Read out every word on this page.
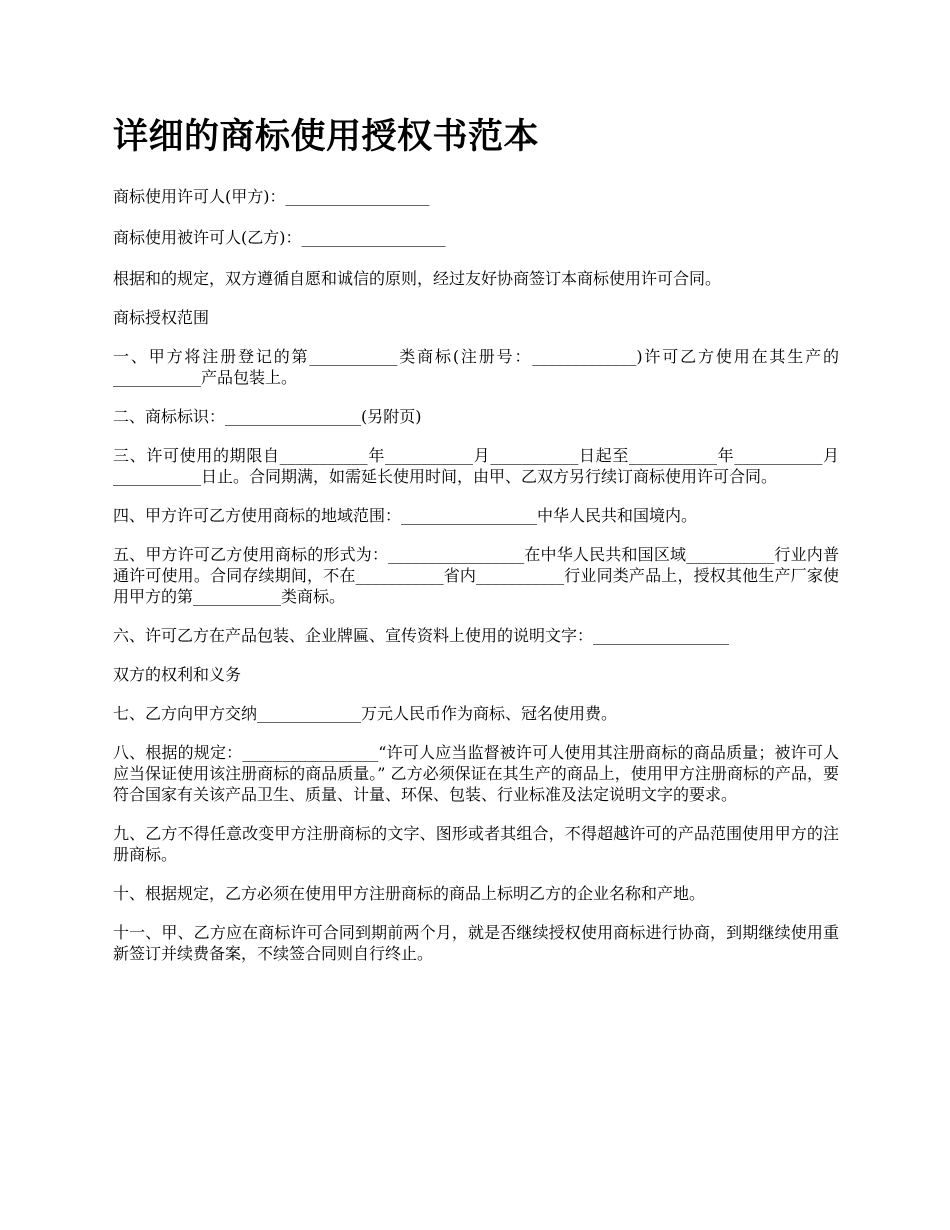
详细的商标使用授权书范本

商标使用许可人(甲方)：__________________

商标使用被许可人(乙方)：__________________

根据和的规定，双方遵循自愿和诚信的原则，经过友好协商签订本商标使用许可合同。

商标授权范围

一、甲方将注册登记的第___________类商标(注册号：_____________)许可乙方使用在其生产的___________产品包装上。

二、商标标识：_________________(另附页)

三、许可使用的期限自___________年___________月___________日起至___________年___________月___________日止。合同期满，如需延长使用时间，由甲、乙双方另行续订商标使用许可合同。

四、甲方许可乙方使用商标的地域范围：_________________中华人民共和国境内。

五、甲方许可乙方使用商标的形式为：_________________在中华人民共和国区域___________行业内普通许可使用。合同存续期间，不在___________省内___________行业同类产品上，授权其他生产厂家使用甲方的第___________类商标。

六、许可乙方在产品包装、企业牌匾、宣传资料上使用的说明文字：_________________

双方的权利和义务

七、乙方向甲方交纳_____________万元人民币作为商标、冠名使用费。

八、根据的规定：_________________“许可人应当监督被许可人使用其注册商标的商品质量；被许可人应当保证使用该注册商标的商品质量。” 乙方必须保证在其生产的商品上，使用甲方注册商标的产品，要符合国家有关该产品卫生、质量、计量、环保、包装、行业标准及法定说明文字的要求。

九、乙方不得任意改变甲方注册商标的文字、图形或者其组合，不得超越许可的产品范围使用甲方的注册商标。

十、根据规定，乙方必须在使用甲方注册商标的商品上标明乙方的企业名称和产地。

十一、甲、乙方应在商标许可合同到期前两个月，就是否继续授权使用商标进行协商，到期继续使用重新签订并续费备案，不续签合同则自行终止。
